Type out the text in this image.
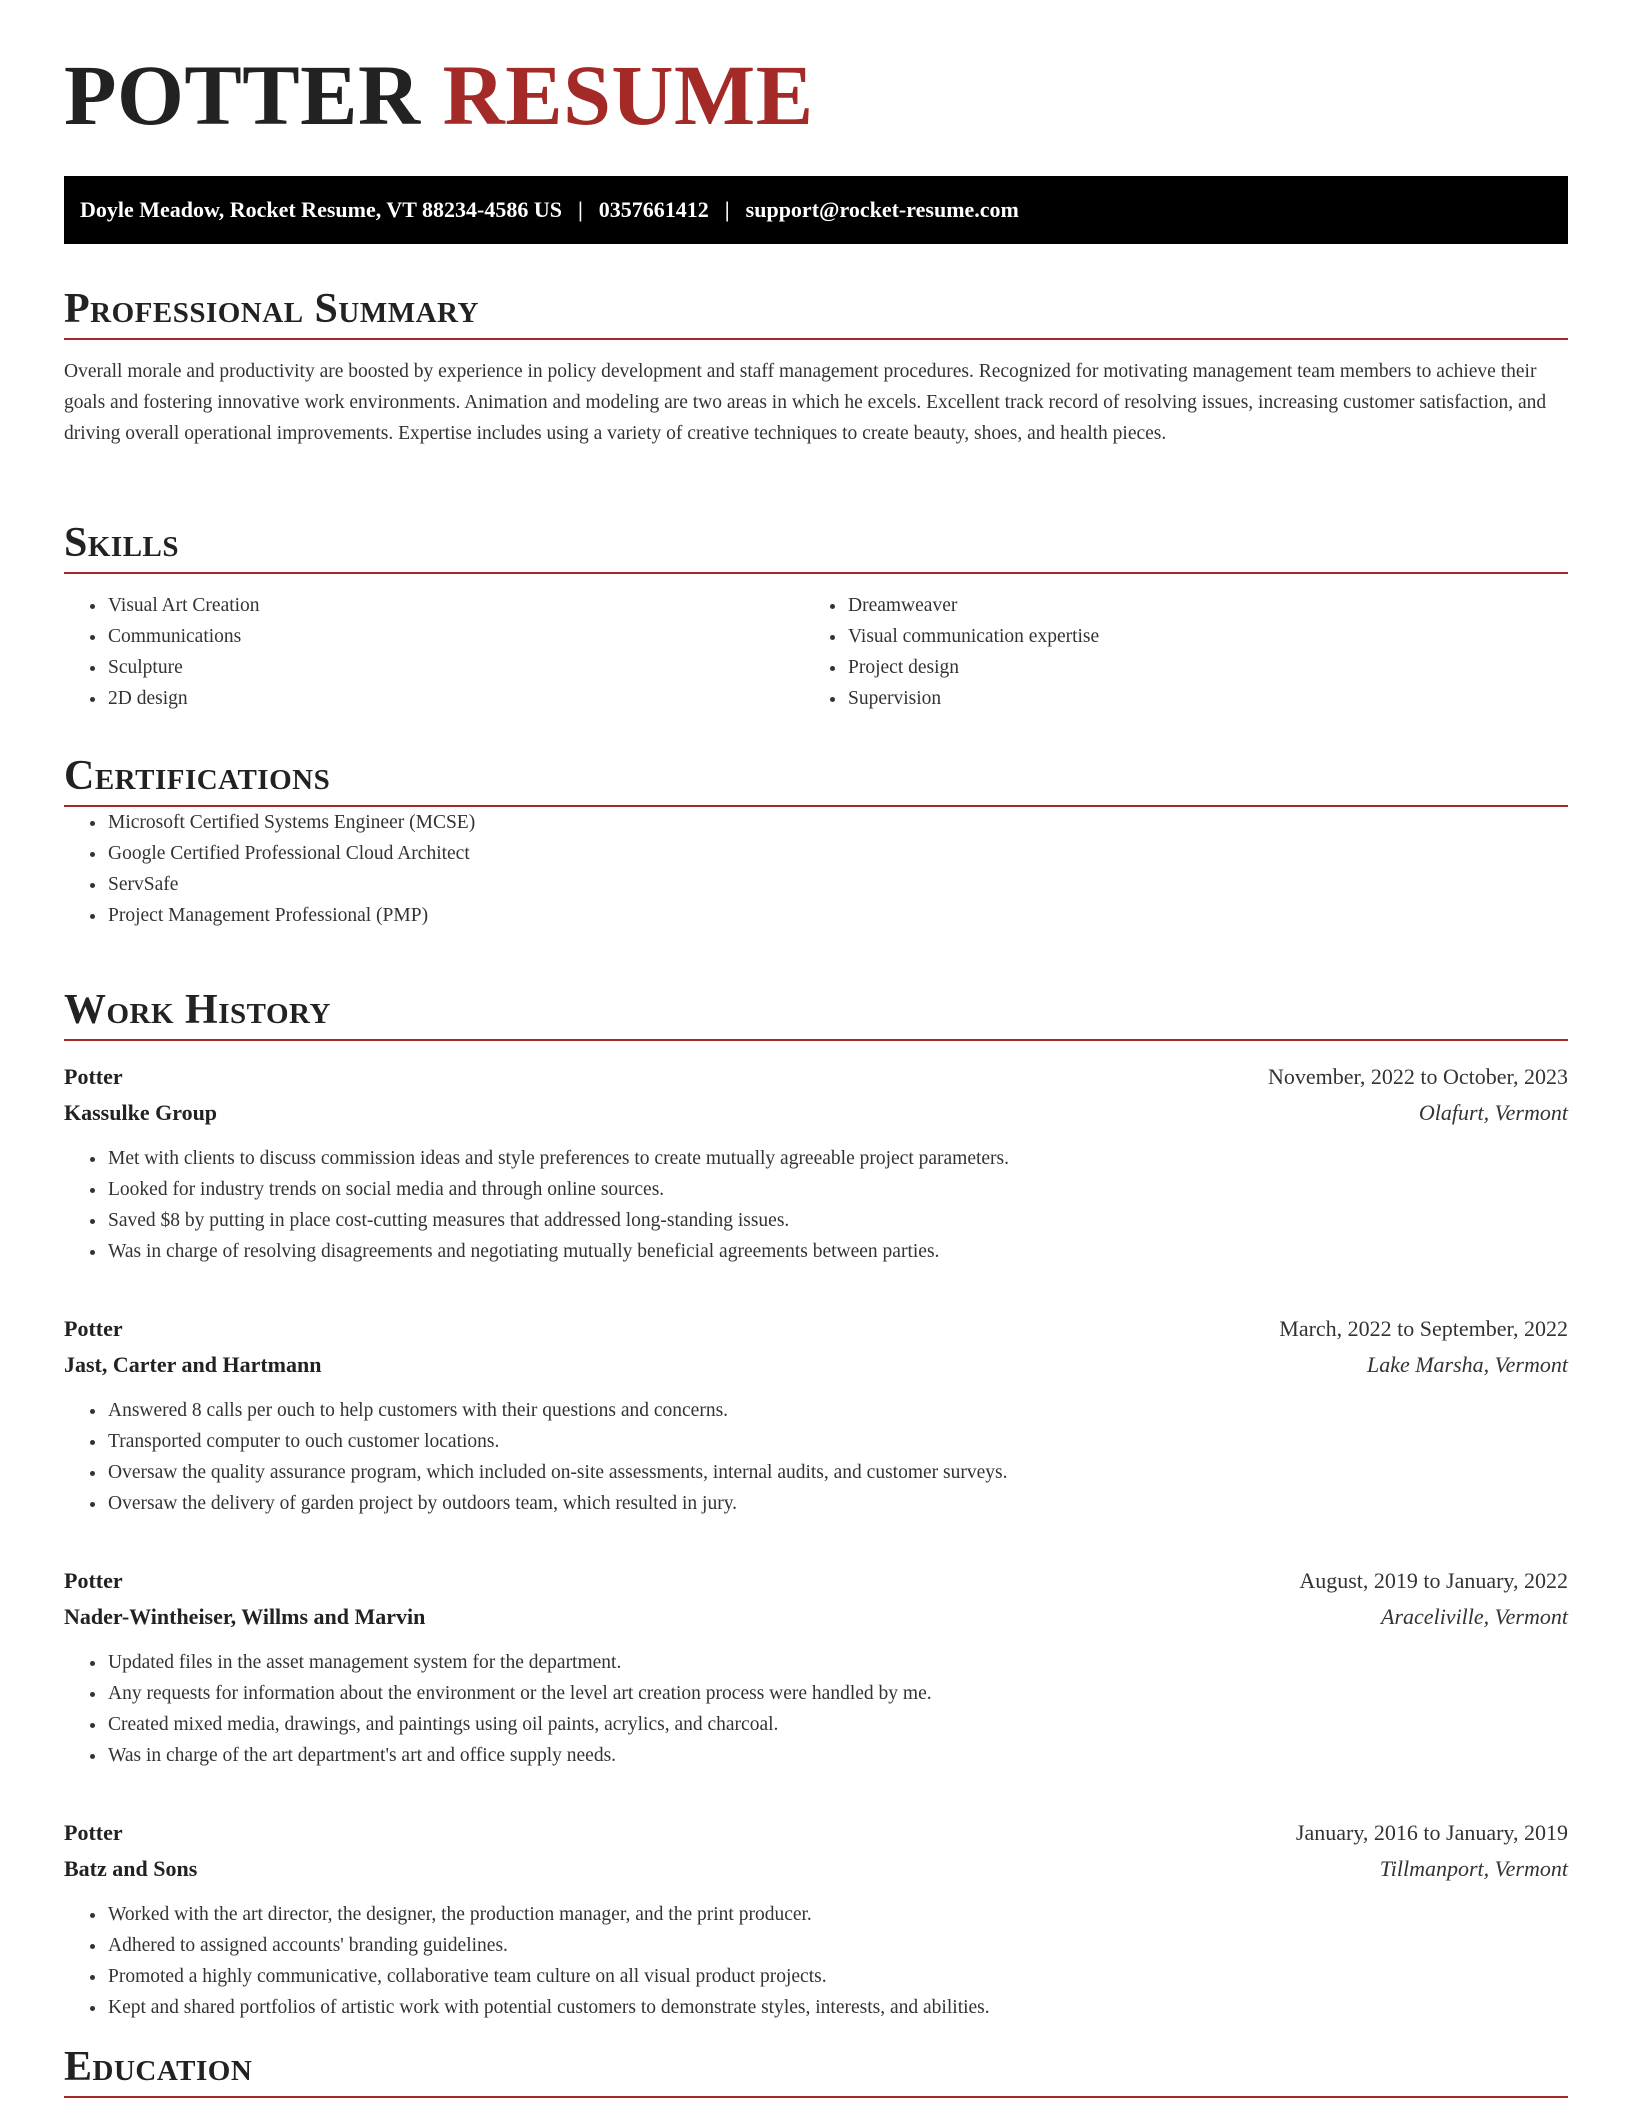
POTTER RESUME
Doyle Meadow, Rocket Resume, VT 88234-4586 US | 0357661412 | support@rocket-resume.com
Professional Summary

Overall morale and productivity are boosted by experience in policy development and staff management procedures. Recognized for motivating management team members to achieve their goals and fostering innovative work environments. Animation and modeling are two areas in which he excels. Excellent track record of resolving issues, increasing customer satisfaction, and driving overall operational improvements. Expertise includes using a variety of creative techniques to create beauty, shoes, and health pieces.

Skills
• Visual Art Creation
• Communications
• Sculpture
• 2D design
• Dreamweaver
• Visual communication expertise
• Project design
• Supervision
Certifications
• Microsoft Certified Systems Engineer (MCSE)
• Google Certified Professional Cloud Architect
• ServSafe
• Project Management Professional (PMP)
Work History
Potter	November, 2022 to October, 2023
Kassulke Group	Olafurt, Vermont
• Met with clients to discuss commission ideas and style preferences to create mutually agreeable project parameters.
• Looked for industry trends on social media and through online sources.
• Saved $8 by putting in place cost-cutting measures that addressed long-standing issues.
• Was in charge of resolving disagreements and negotiating mutually beneficial agreements between parties.
Potter	March, 2022 to September, 2022
Jast, Carter and Hartmann	Lake Marsha, Vermont
• Answered 8 calls per ouch to help customers with their questions and concerns.
• Transported computer to ouch customer locations.
• Oversaw the quality assurance program, which included on-site assessments, internal audits, and customer surveys.
• Oversaw the delivery of garden project by outdoors team, which resulted in jury.
Potter	August, 2019 to January, 2022
Nader-Wintheiser, Willms and Marvin	Araceliville, Vermont
• Updated files in the asset management system for the department.
• Any requests for information about the environment or the level art creation process were handled by me.
• Created mixed media, drawings, and paintings using oil paints, acrylics, and charcoal.
• Was in charge of the art department's art and office supply needs.
Potter	January, 2016 to January, 2019
Batz and Sons	Tillmanport, Vermont
• Worked with the art director, the designer, the production manager, and the print producer.
• Adhered to assigned accounts' branding guidelines.
• Promoted a highly communicative, collaborative team culture on all visual product projects.
• Kept and shared portfolios of artistic work with potential customers to demonstrate styles, interests, and abilities.
Education
